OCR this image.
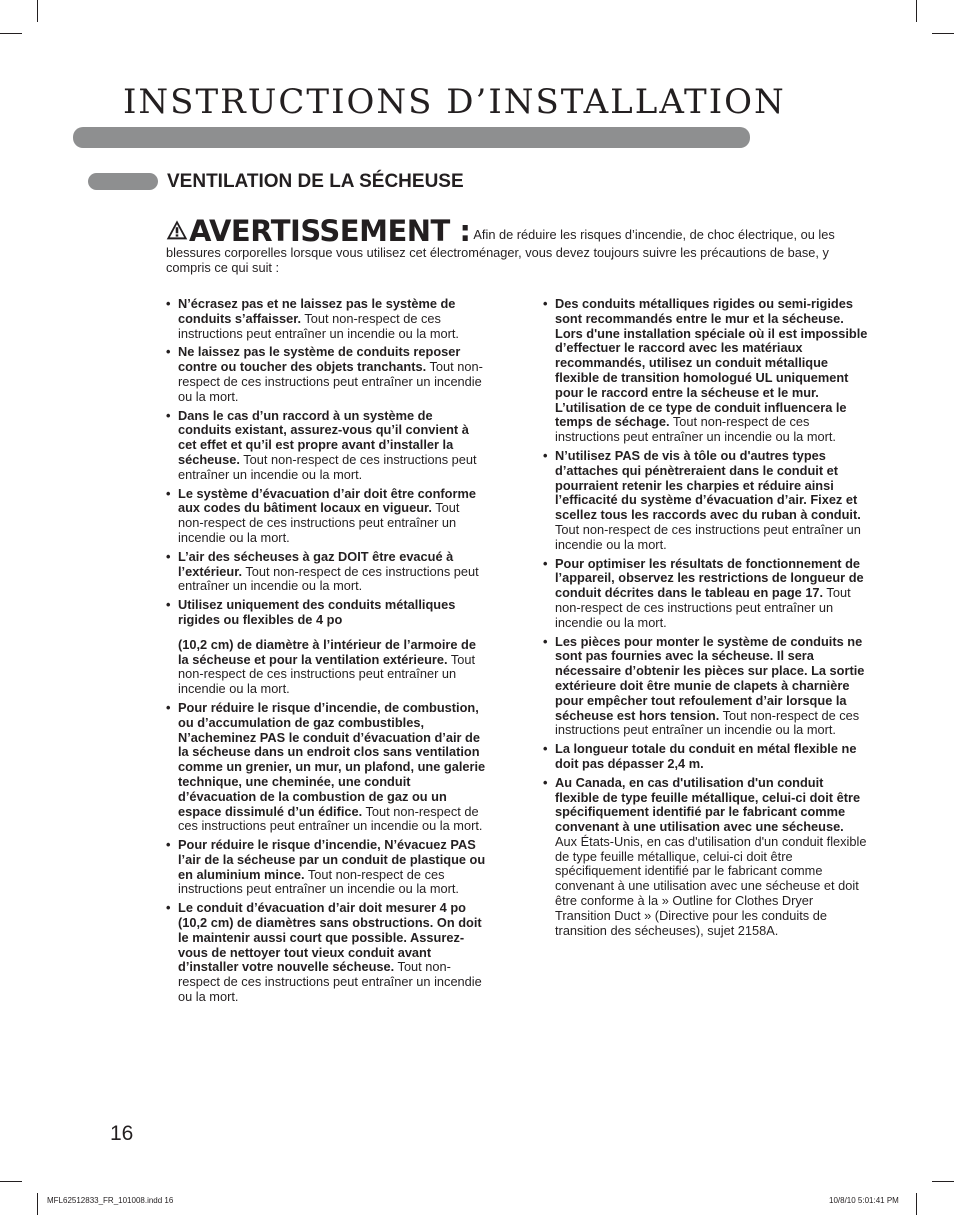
INSTRUCTIONS D’INSTALLATION
VENTILATION DE LA SÉCHEUSE

AVERTISSEMENT : Afin de réduire les risques d’incendie, de choc électrique, ou les blessures corporelles lorsque vous utilisez cet électroménager, vous devez toujours suivre les précautions de base, y compris ce qui suit :

• N’écrasez pas et ne laissez pas le système de conduits s’affaisser. Tout non-respect de ces instructions peut entraîner un incendie ou la mort.
• Ne laissez pas le système de conduits reposer contre ou toucher des objets tranchants. Tout non-respect de ces instructions peut entraîner un incendie ou la mort.
• Dans le cas d’un raccord à un système de conduits existant, assurez-vous qu’il convient à cet effet et qu’il est propre avant d’installer la sécheuse. Tout non-respect de ces instructions peut entraîner un incendie ou la mort.
• Le système d’évacuation d’air doit être conforme aux codes du bâtiment locaux en vigueur. Tout non-respect de ces instructions peut entraîner un incendie ou la mort.
• L’air des sécheuses à gaz DOIT être evacué à l’extérieur. Tout non-respect de ces instructions peut entraîner un incendie ou la mort.
• Utilisez uniquement des conduits métalliques rigides ou flexibles de 4 po
(10,2 cm) de diamètre à l’intérieur de l’armoire de la sécheuse et pour la ventilation extérieure. Tout non-respect de ces instructions peut entraîner un incendie ou la mort.
• Pour réduire le risque d’incendie, de combustion, ou d’accumulation de gaz combustibles, N’acheminez PAS le conduit d’évacuation d’air de la sécheuse dans un endroit clos sans ventilation comme un grenier, un mur, un plafond, une galerie technique, une cheminée, une conduit d’évacuation de la combustion de gaz ou un espace dissimulé d’un édifice. Tout non-respect de ces instructions peut entraîner un incendie ou la mort.
• Pour réduire le risque d’incendie, N’évacuez PAS l’air de la sécheuse par un conduit de plastique ou en aluminium mince. Tout non-respect de ces instructions peut entraîner un incendie ou la mort.
• Le conduit d’évacuation d’air doit mesurer 4 po (10,2 cm) de diamètres sans obstructions. On doit le maintenir aussi court que possible. Assurez-vous de nettoyer tout vieux conduit avant d’installer votre nouvelle sécheuse. Tout non-respect de ces instructions peut entraîner un incendie ou la mort.
• Des conduits métalliques rigides ou semi-rigides sont recommandés entre le mur et la sécheuse. Lors d'une installation spéciale où il est impossible d’effectuer le raccord avec les matériaux recommandés, utilisez un conduit métallique flexible de transition homologué UL uniquement pour le raccord entre la sécheuse et le mur. L’utilisation de ce type de conduit influencera le temps de séchage. Tout non-respect de ces instructions peut entraîner un incendie ou la mort.
• N’utilisez PAS de vis à tôle ou d'autres types d’attaches qui pénètreraient dans le conduit et pourraient retenir les charpies et réduire ainsi l’efficacité du système d’évacuation d’air. Fixez et scellez tous les raccords avec du ruban à conduit. Tout non-respect de ces instructions peut entraîner un incendie ou la mort.
• Pour optimiser les résultats de fonctionnement de l’appareil, observez les restrictions de longueur de conduit décrites dans le tableau en page 17. Tout non-respect de ces instructions peut entraîner un incendie ou la mort.
• Les pièces pour monter le système de conduits ne sont pas fournies avec la sécheuse. Il sera nécessaire d’obtenir les pièces sur place. La sortie extérieure doit être munie de clapets à charnière pour empêcher tout refoulement d’air lorsque la sécheuse est hors tension. Tout non-respect de ces instructions peut entraîner un incendie ou la mort.
• La longueur totale du conduit en métal flexible ne doit pas dépasser 2,4 m.
• Au Canada, en cas d'utilisation d'un conduit flexible de type feuille métallique, celui-ci doit être spécifiquement identifié par le fabricant comme convenant à une utilisation avec une sécheuse. Aux États-Unis, en cas d'utilisation d'un conduit flexible de type feuille métallique, celui-ci doit être spécifiquement identifié par le fabricant comme convenant à une utilisation avec une sécheuse et doit être conforme à la » Outline for Clothes Dryer Transition Duct » (Directive pour les conduits de transition des sécheuses), sujet 2158A.
16
MFL62512833_FR_101008.indd 16	10/8/10 5:01:41 PM
